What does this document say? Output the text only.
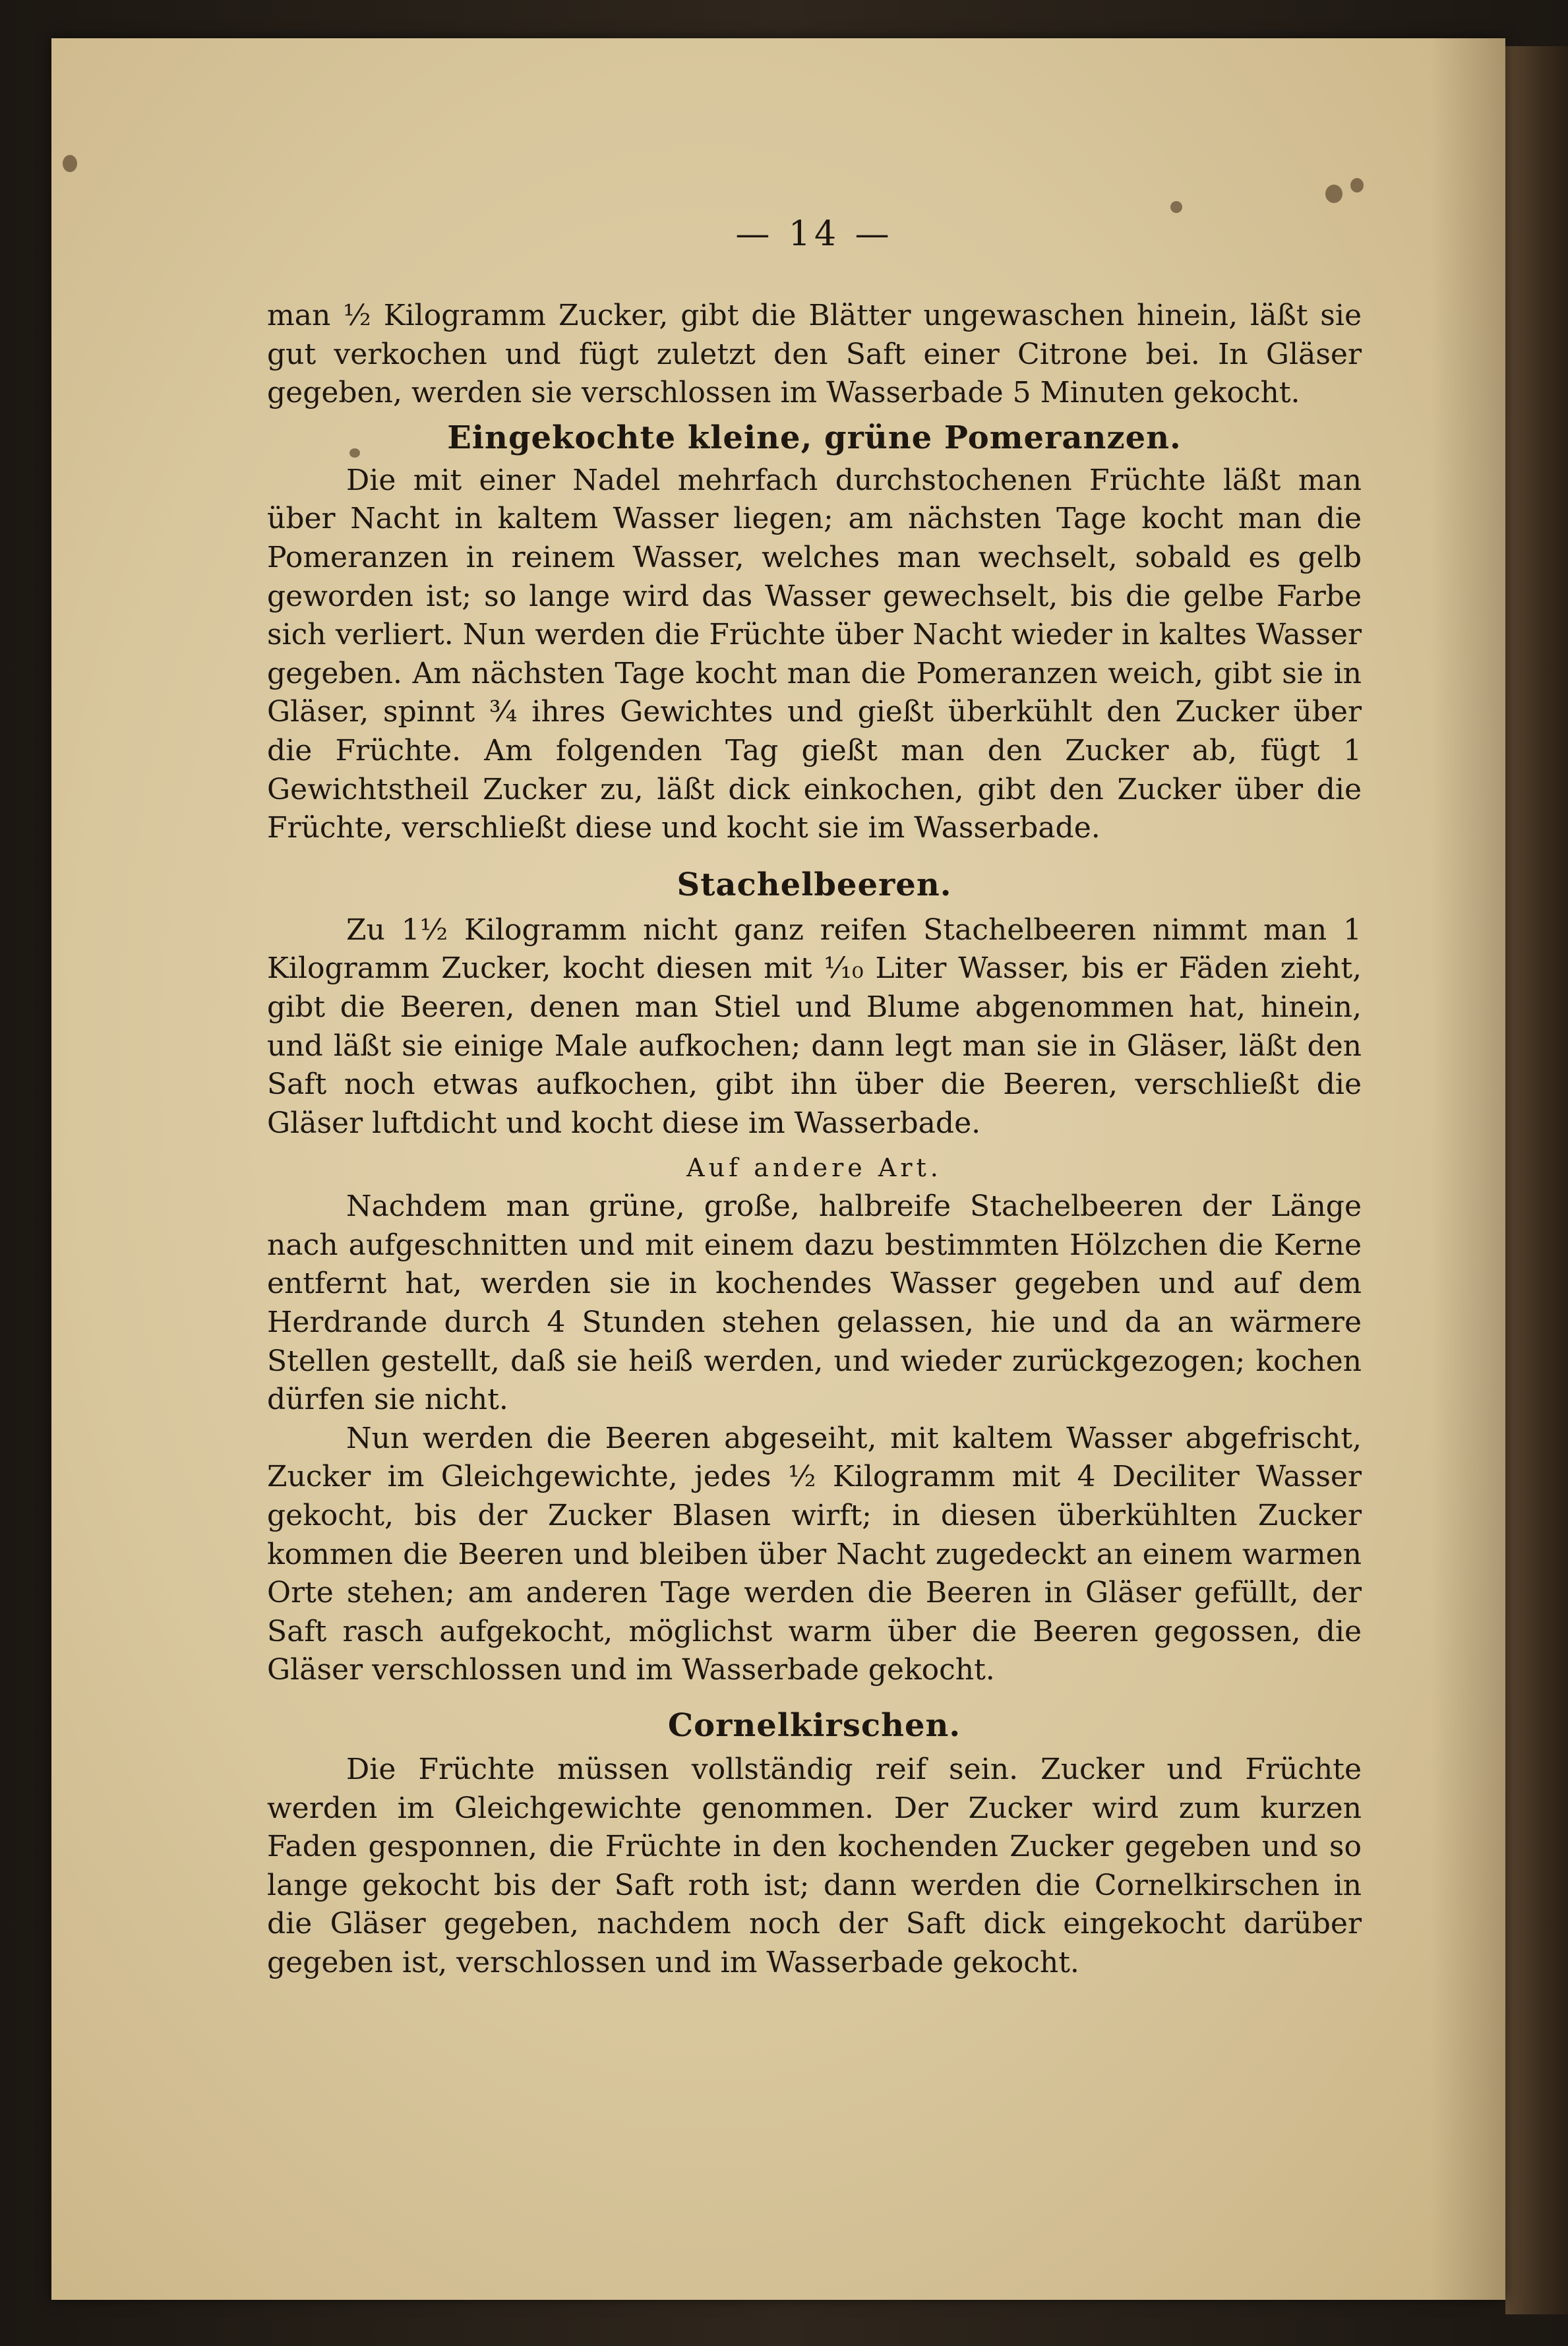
— 14 —

man ½ Kilogramm Zucker, gibt die Blätter ungewaschen hinein, läßt sie gut verkochen und fügt zuletzt den Saft einer Citrone bei. In Gläser gegeben, werden sie verschlossen im Wasserbade 5 Minuten gekocht.

Eingekochte kleine, grüne Pomeranzen.

Die mit einer Nadel mehrfach durchstochenen Früchte läßt man über Nacht in kaltem Wasser liegen; am nächsten Tage kocht man die Pomeranzen in reinem Wasser, welches man wechselt, sobald es gelb geworden ist; so lange wird das Wasser gewechselt, bis die gelbe Farbe sich verliert. Nun werden die Früchte über Nacht wieder in kaltes Wasser gegeben. Am nächsten Tage kocht man die Pomeranzen weich, gibt sie in Gläser, spinnt ¾ ihres Gewichtes und gießt überkühlt den Zucker über die Früchte. Am folgenden Tag gießt man den Zucker ab, fügt 1 Gewichtstheil Zucker zu, läßt dick einkochen, gibt den Zucker über die Früchte, verschließt diese und kocht sie im Wasserbade.

Stachelbeeren.

Zu 1½ Kilogramm nicht ganz reifen Stachelbeeren nimmt man 1 Kilogramm Zucker, kocht diesen mit ¹⁄₁₀ Liter Wasser, bis er Fäden zieht, gibt die Beeren, denen man Stiel und Blume abgenommen hat, hinein, und läßt sie einige Male aufkochen; dann legt man sie in Gläser, läßt den Saft noch etwas aufkochen, gibt ihn über die Beeren, verschließt die Gläser luftdicht und kocht diese im Wasserbade.

Auf andere Art.

Nachdem man grüne, große, halbreife Stachelbeeren der Länge nach aufgeschnitten und mit einem dazu bestimmten Hölzchen die Kerne entfernt hat, werden sie in kochendes Wasser gegeben und auf dem Herdrande durch 4 Stunden stehen gelassen, hie und da an wärmere Stellen gestellt, daß sie heiß werden, und wieder zurückgezogen; kochen dürfen sie nicht.

Nun werden die Beeren abgeseiht, mit kaltem Wasser abgefrischt, Zucker im Gleichgewichte, jedes ½ Kilogramm mit 4 Deciliter Wasser gekocht, bis der Zucker Blasen wirft; in diesen überkühlten Zucker kommen die Beeren und bleiben über Nacht zugedeckt an einem warmen Orte stehen; am anderen Tage werden die Beeren in Gläser gefüllt, der Saft rasch aufgekocht, möglichst warm über die Beeren gegossen, die Gläser verschlossen und im Wasserbade gekocht.

Cornelkirschen.

Die Früchte müssen vollständig reif sein. Zucker und Früchte werden im Gleichgewichte genommen. Der Zucker wird zum kurzen Faden gesponnen, die Früchte in den kochenden Zucker gegeben und so lange gekocht bis der Saft roth ist; dann werden die Cornelkirschen in die Gläser gegeben, nachdem noch der Saft dick eingekocht darüber gegeben ist, verschlossen und im Wasserbade gekocht.
